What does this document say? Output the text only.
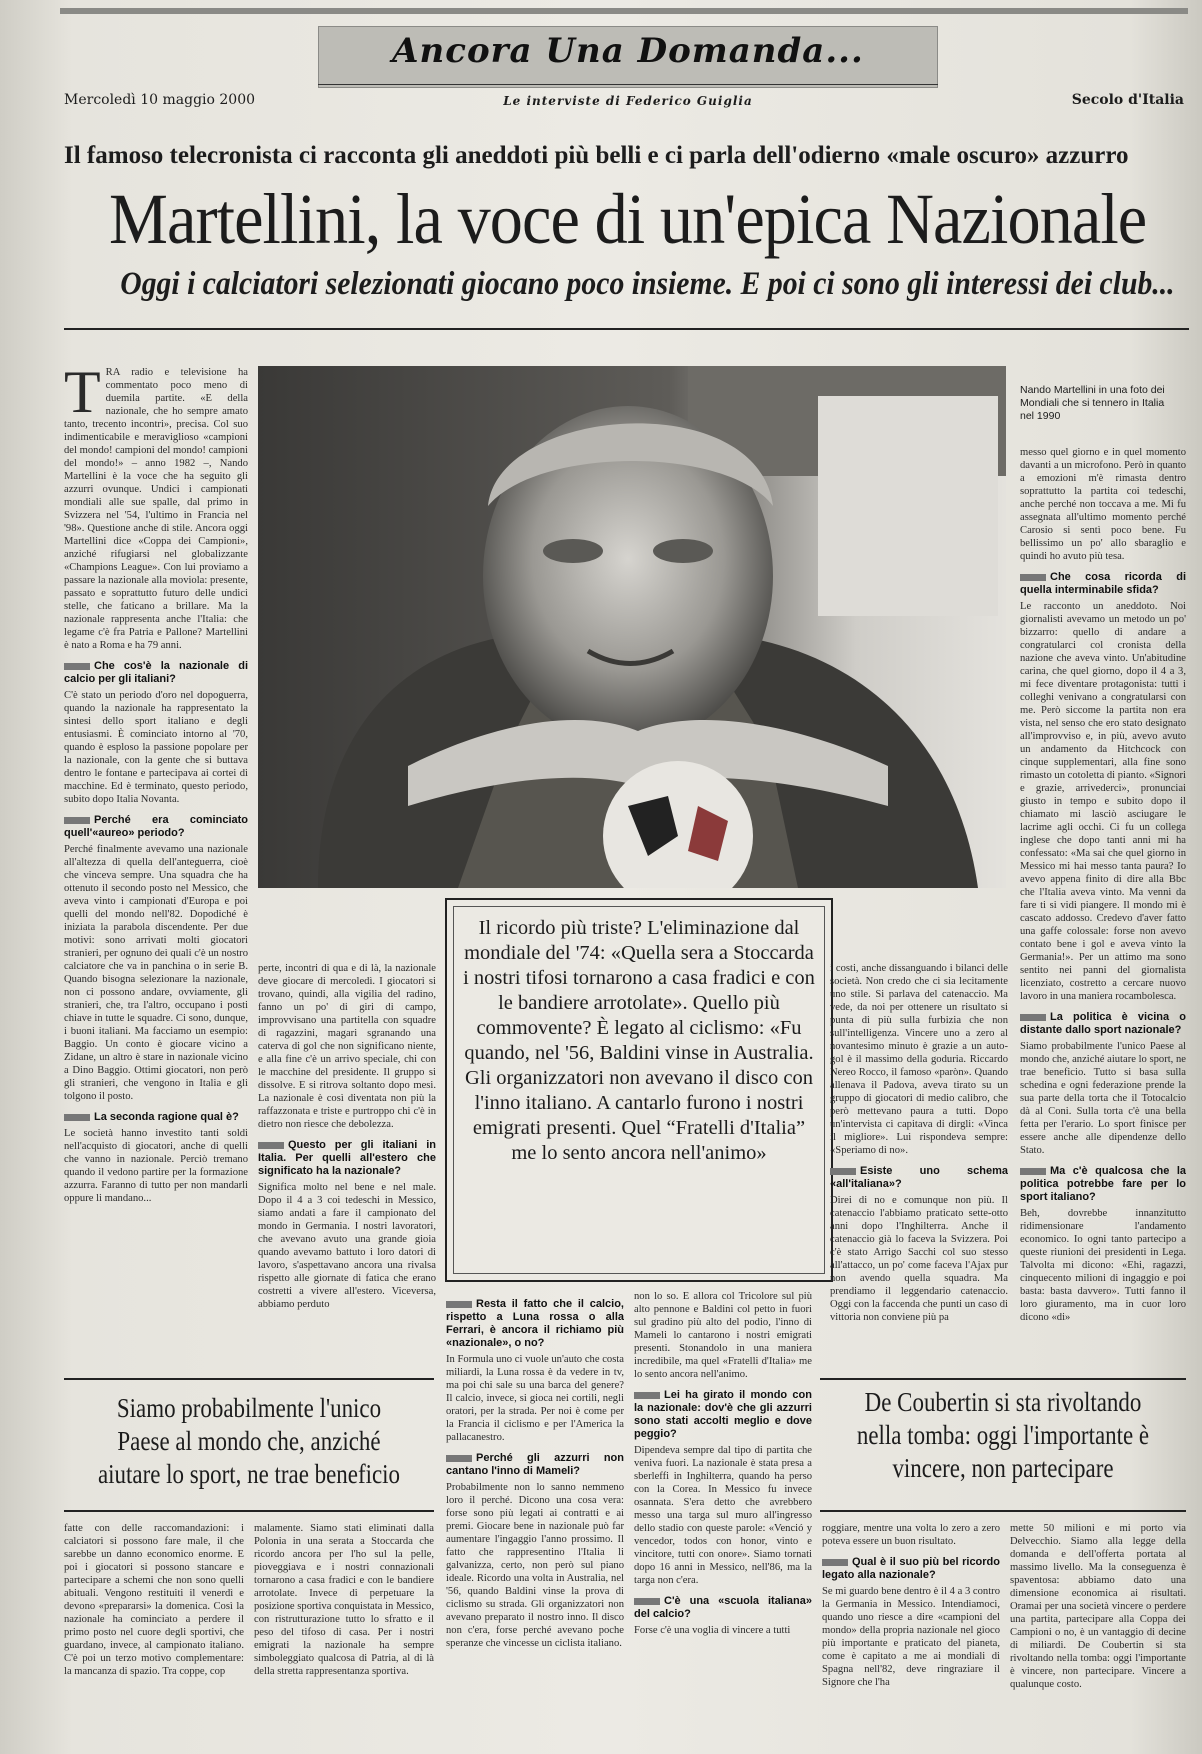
Ancora Una Domanda...
Le interviste di Federico Guiglia
Mercoledì 10 maggio 2000	Secolo d'Italia
Il famoso telecronista ci racconta gli aneddoti più belli e ci parla dell'odierno «male oscuro» azzurro
Martellini, la voce di un'epica Nazionale
Oggi i calciatori selezionati giocano poco insieme. E poi ci sono gli interessi dei club...

TRA radio e televisione ha commentato poco meno di duemila partite. «E della nazionale, che ho sempre amato tanto, trecento incontri», precisa. Col suo indimenticabile e meraviglioso «campioni del mondo! campioni del mondo! campioni del mondo!» – anno 1982 –, Nando Martellini è la voce che ha seguito gli azzurri ovunque. Undici i campionati mondiali alle sue spalle, dal primo in Svizzera nel '54, l'ultimo in Francia nel '98». Questione anche di stile. Ancora oggi Martellini dice «Coppa dei Campioni», anziché rifugiarsi nel globalizzante «Champions League». Con lui proviamo a passare la nazionale alla moviola: presente, passato e soprattutto futuro delle undici stelle, che faticano a brillare. Ma la nazionale rappresenta anche l'Italia: che legame c'è fra Patria e Pallone? Martellini è nato a Roma e ha 79 anni.

Che cos'è la nazionale di calcio per gli italiani?

C'è stato un periodo d'oro nel dopoguerra, quando la nazionale ha rappresentato la sintesi dello sport italiano e degli entusiasmi. È cominciato intorno al '70, quando è esploso la passione popolare per la nazionale, con la gente che si buttava dentro le fontane e partecipava ai cortei di macchine. Ed è terminato, questo periodo, subito dopo Italia Novanta.

Perché era cominciato quell'«aureo» periodo?

Perché finalmente avevamo una nazionale all'altezza di quella dell'anteguerra, cioè che vinceva sempre. Una squadra che ha ottenuto il secondo posto nel Messico, che aveva vinto i campionati d'Europa e poi quelli del mondo nell'82. Dopodiché è iniziata la parabola discendente. Per due motivi: sono arrivati molti giocatori stranieri, per ognuno dei quali c'è un nostro calciatore che va in panchina o in serie B. Quando bisogna selezionare la nazionale, non ci possono andare, ovviamente, gli stranieri, che, tra l'altro, occupano i posti chiave in tutte le squadre. Ci sono, dunque, i buoni italiani. Ma facciamo un esempio: Baggio. Un conto è giocare vicino a Zidane, un altro è stare in nazionale vicino a Dino Baggio. Ottimi giocatori, non però gli stranieri, che vengono in Italia e gli tolgono il posto.

La seconda ragione qual è?

Le società hanno investito tanti soldi nell'acquisto di giocatori, anche di quelli che vanno in nazionale. Perciò tremano quando il vedono partire per la formazione azzurra. Faranno di tutto per non mandarli oppure li mandano...

Nando Martellini in una foto dei Mondiali che si tennero in Italia nel 1990

messo quel giorno e in quel momento davanti a un microfono. Però in quanto a emozioni m'è rimasta dentro soprattutto la partita coi tedeschi, anche perché non toccava a me. Mi fu assegnata all'ultimo momento perché Carosio si sentì poco bene. Fu bellissimo un po' allo sbaraglio e quindi ho avuto più tesa.

Che cosa ricorda di quella interminabile sfida?

Le racconto un aneddoto. Noi giornalisti avevamo un metodo un po' bizzarro: quello di andare a congratularci col cronista della nazione che aveva vinto. Un'abitudine carina, che quel giorno, dopo il 4 a 3, mi fece diventare protagonista: tutti i colleghi venivano a congratularsi con me. Però siccome la partita non era vista, nel senso che ero stato designato all'improvviso e, in più, avevo avuto un andamento da Hitchcock con cinque supplementari, alla fine sono rimasto un cotoletta di pianto. «Signori e grazie, arrivederci», pronunciai giusto in tempo e subito dopo il chiamato mi lasciò asciugare le lacrime agli occhi. Ci fu un collega inglese che dopo tanti anni mi ha confessato: «Ma sai che quel giorno in Messico mi hai messo tanta paura? Io avevo appena finito di dire alla Bbc che l'Italia aveva vinto. Ma venni da fare ti si vidi piangere. Il mondo mi è cascato addosso. Credevo d'aver fatto una gaffe colossale: forse non avevo contato bene i gol e aveva vinto la Germania!». Per un attimo ma sono sentito nei panni del giornalista licenziato, costretto a cercare nuovo lavoro in una maniera rocambolesca.

La politica è vicina o distante dallo sport nazionale?

Siamo probabilmente l'unico Paese al mondo che, anziché aiutare lo sport, ne trae beneficio. Tutto si basa sulla schedina e ogni federazione prende la sua parte della torta che il Totocalcio dà al Coni. Sulla torta c'è una bella fetta per l'erario. Lo sport finisce per essere anche alle dipendenze dello Stato.

Ma c'è qualcosa che la politica potrebbe fare per lo sport italiano?

Beh, dovrebbe innanzitutto ridimensionare l'andamento economico. Io ogni tanto partecipo a queste riunioni dei presidenti in Lega. Talvolta mi dicono: «Ehi, ragazzi, cinquecento milioni di ingaggio e poi basta: basta davvero». Tutti fanno il loro giuramento, ma in cuor loro dicono «di»

perte, incontri di qua e di là, la nazionale deve giocare di mercoledì. I giocatori si trovano, quindi, alla vigilia del radino, fanno un po' di giri di campo, improvvisano una partitella con squadre di ragazzini, magari sgranando una caterva di gol che non significano niente, e alla fine c'è un arrivo speciale, chi con le macchine del presidente. Il gruppo si dissolve. E si ritrova soltanto dopo mesi. La nazionale è così diventata non più la raffazzonata e triste e purtroppo chi c'è in dietro non riesce che debolezza.

Questo per gli italiani in Italia. Per quelli all'estero che significato ha la nazionale?

Significa molto nel bene e nel male. Dopo il 4 a 3 coi tedeschi in Messico, siamo andati a fare il campionato del mondo in Germania. I nostri lavoratori, che avevano avuto una grande gioia quando avevamo battuto i loro datori di lavoro, s'aspettavano ancora una rivalsa rispetto alle giornate di fatica che erano costretti a vivere all'estero. Viceversa, abbiamo perduto

Il ricordo più triste? L'eliminazione dal mondiale del '74: «Quella sera a Stoccarda i nostri tifosi tornarono a casa fradici e con le bandiere arrotolate». Quello più commovente? È legato al ciclismo: «Fu quando, nel '56, Baldini vinse in Australia. Gli organizzatori non avevano il disco con l'inno italiano. A cantarlo furono i nostri emigrati presenti. Quel “Fratelli d'Italia” me lo sento ancora nell'animo»

i costi, anche dissanguando i bilanci delle società. Non credo che ci sia lecitamente uno stile. Si parlava del catenaccio. Ma vede, da noi per ottenere un risultato si punta di più sulla furbizia che non sull'intelligenza. Vincere uno a zero al novantesimo minuto è grazie a un auto-gol è il massimo della goduria. Riccardo Nereo Rocco, il famoso «paròn». Quando allenava il Padova, aveva tirato su un gruppo di giocatori di medio calibro, che però mettevano paura a tutti. Dopo un'intervista ci capitava di dirgli: «Vinca il migliore». Lui rispondeva sempre: «Speriamo di no».

Esiste uno schema «all'italiana»?

Direi di no e comunque non più. Il catenaccio l'abbiamo praticato sette-otto anni dopo l'Inghilterra. Anche il catenaccio già lo faceva la Svizzera. Poi c'è stato Arrigo Sacchi col suo stesso all'attacco, un po' come faceva l'Ajax pur non avendo quella squadra. Ma prendiamo il leggendario catenaccio. Oggi con la faccenda che punti un caso di vittoria non conviene più pa

Resta il fatto che il calcio, rispetto a Luna rossa o alla Ferrari, è ancora il richiamo più «nazionale», o no?

In Formula uno ci vuole un'auto che costa miliardi, la Luna rossa è da vedere in tv, ma poi chi sale su una barca del genere? Il calcio, invece, si gioca nei cortili, negli oratori, per la strada. Per noi è come per la Francia il ciclismo e per l'America la pallacanestro.

Perché gli azzurri non cantano l'inno di Mameli?

Probabilmente non lo sanno nemmeno loro il perché. Dicono una cosa vera: forse sono più legati ai contratti e ai premi. Giocare bene in nazionale può far aumentare l'ingaggio l'anno prossimo. Il fatto che rappresentino l'Italia li galvanizza, certo, non però sul piano ideale. Ricordo una volta in Australia, nel '56, quando Baldini vinse la prova di ciclismo su strada. Gli organizzatori non avevano preparato il nostro inno. Il disco non c'era, forse perché avevano poche speranze che vincesse un ciclista italiano.

non lo so. E allora col Tricolore sul più alto pennone e Baldini col petto in fuori sul gradino più alto del podio, l'inno di Mameli lo cantarono i nostri emigrati presenti. Stonandolo in una maniera incredibile, ma quel «Fratelli d'Italia» me lo sento ancora nell'animo.

Lei ha girato il mondo con la nazionale: dov'è che gli azzurri sono stati accolti meglio e dove peggio?

Dipendeva sempre dal tipo di partita che veniva fuori. La nazionale è stata presa a sberleffi in Inghilterra, quando ha perso con la Corea. In Messico fu invece osannata. S'era detto che avrebbero messo una targa sul muro all'ingresso dello stadio con queste parole: «Venció y vencedor, todos con honor, vinto e vincitore, tutti con onore». Siamo tornati dopo 16 anni in Messico, nell'86, ma la targa non c'era.

C'è una «scuola italiana» del calcio?

Forse c'è una voglia di vincere a tutti

Siamo probabilmente l'unico Paese al mondo che, anziché aiutare lo sport, ne trae beneficio
De Coubertin si sta rivoltando nella tomba: oggi l'importante è vincere, non partecipare

fatte con delle raccomandazioni: i calciatori si possono fare male, il che sarebbe un danno economico enorme. E poi i giocatori si possono stancare e partecipare a schemi che non sono quelli abituali. Vengono restituiti il venerdì e devono «prepararsi» la domenica. Così la nazionale ha cominciato a perdere il primo posto nel cuore degli sportivi, che guardano, invece, al campionato italiano. C'è poi un terzo motivo complementare: la mancanza di spazio. Tra coppe, cop

malamente. Siamo stati eliminati dalla Polonia in una serata a Stoccarda che ricordo ancora per l'ho sul la pelle, pioveggiava e i nostri connazionali tornarono a casa fradici e con le bandiere arrotolate. Invece di perpetuare la posizione sportiva conquistata in Messico, con ristrutturazione tutto lo sfratto e il peso del tifoso di casa. Per i nostri emigrati la nazionale ha sempre simboleggiato qualcosa di Patria, al di là della stretta rappresentanza sportiva.

roggiare, mentre una volta lo zero a zero poteva essere un buon risultato.

Qual è il suo più bel ricordo legato alla nazionale?

Se mi guardo bene dentro è il 4 a 3 contro la Germania in Messico. Intendiamoci, quando uno riesce a dire «campioni del mondo» della propria nazionale nel gioco più importante e praticato del pianeta, come è capitato a me ai mondiali di Spagna nell'82, deve ringraziare il Signore che l'ha

mette 50 milioni e mi porto via Delvecchio. Siamo alla legge della domanda e dell'offerta portata al massimo livello. Ma la conseguenza è spaventosa: abbiamo dato una dimensione economica ai risultati. Oramai per una società vincere o perdere una partita, partecipare alla Coppa dei Campioni o no, è un vantaggio di decine di miliardi. De Coubertin si sta rivoltando nella tomba: oggi l'importante è vincere, non partecipare. Vincere a qualunque costo.
